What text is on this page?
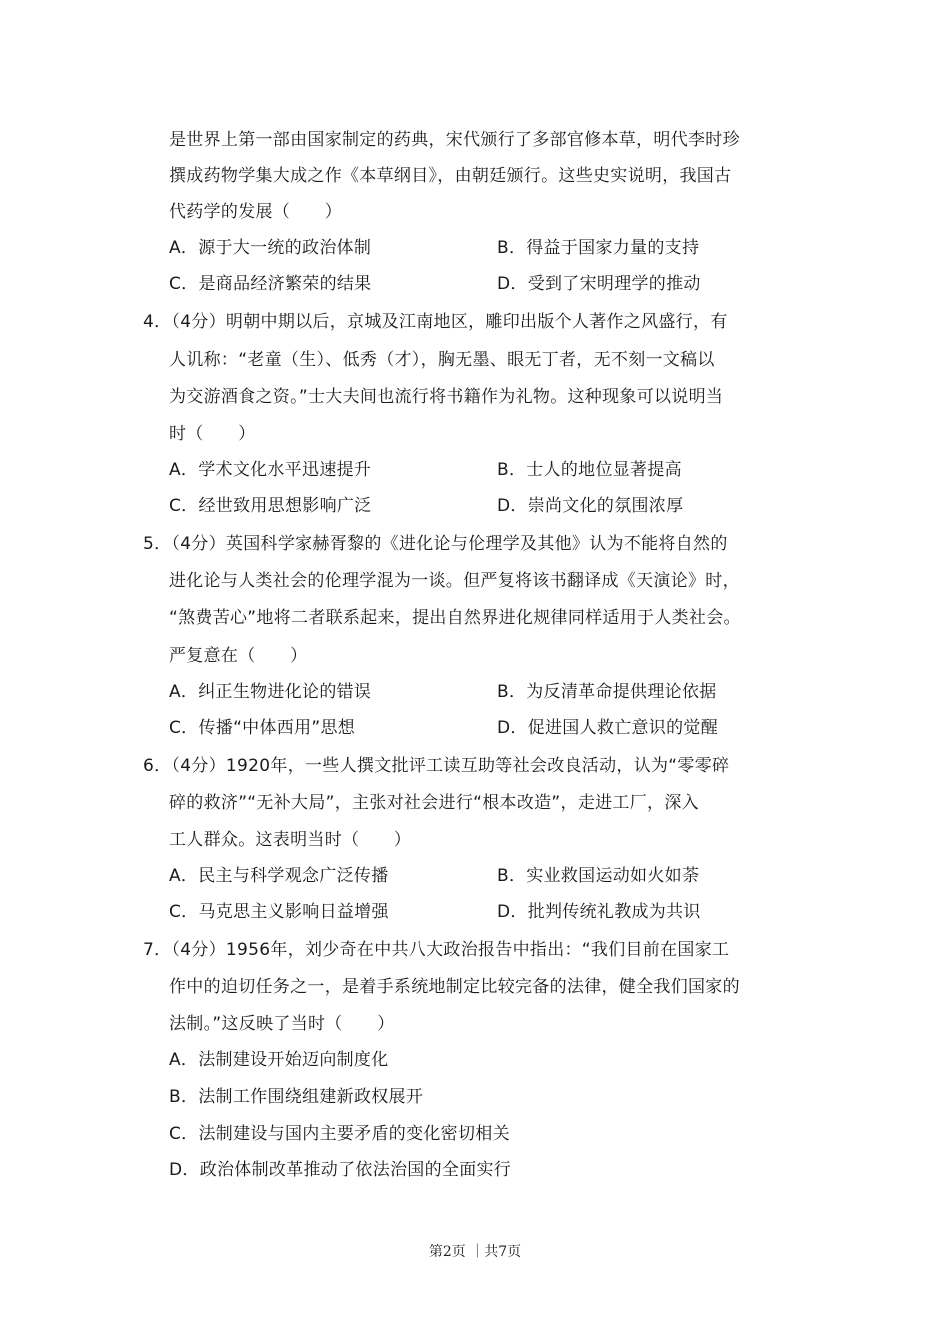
是世界上第一部由国家制定的药典，宋代颁行了多部官修本草，明代李时珍
撰成药物学集大成之作《本草纲目》，由朝廷颁行。这些史实说明，我国古
代药学的发展（　　）
A．源于大一统的政治体制	B．得益于国家力量的支持
C．是商品经济繁荣的结果	D．受到了宋明理学的推动
4．（4分）明朝中期以后，京城及江南地区，雕印出版个人著作之风盛行，有
人讥称：“老童（生）、低秀（才），胸无墨、眼无丁者，无不刻一文稿以
为交游酒食之资。”士大夫间也流行将书籍作为礼物。这种现象可以说明当
时（　　）
A．学术文化水平迅速提升	B．士人的地位显著提高
C．经世致用思想影响广泛	D．崇尚文化的氛围浓厚
5．（4分）英国科学家赫胥黎的《进化论与伦理学及其他》认为不能将自然的
进化论与人类社会的伦理学混为一谈。但严复将该书翻译成《天演论》时，
“煞费苦心”地将二者联系起来，提出自然界进化规律同样适用于人类社会。
严复意在（　　）
A．纠正生物进化论的错误	B．为反清革命提供理论依据
C．传播“中体西用”思想	D．促进国人救亡意识的觉醒
6．（4分）1920年，一些人撰文批评工读互助等社会改良活动，认为“零零碎
碎的救济”“无补大局”，主张对社会进行“根本改造”，走进工厂，深入
工人群众。这表明当时（　　）
A．民主与科学观念广泛传播	B．实业救国运动如火如荼
C．马克思主义影响日益增强	D．批判传统礼教成为共识
7．（4分）1956年，刘少奇在中共八大政治报告中指出：“我们目前在国家工
作中的迫切任务之一，是着手系统地制定比较完备的法律，健全我们国家的
法制。”这反映了当时（　　）
A．法制建设开始迈向制度化
B．法制工作围绕组建新政权展开
C．法制建设与国内主要矛盾的变化密切相关
D．政治体制改革推动了依法治国的全面实行
第2页 ｜共7页
